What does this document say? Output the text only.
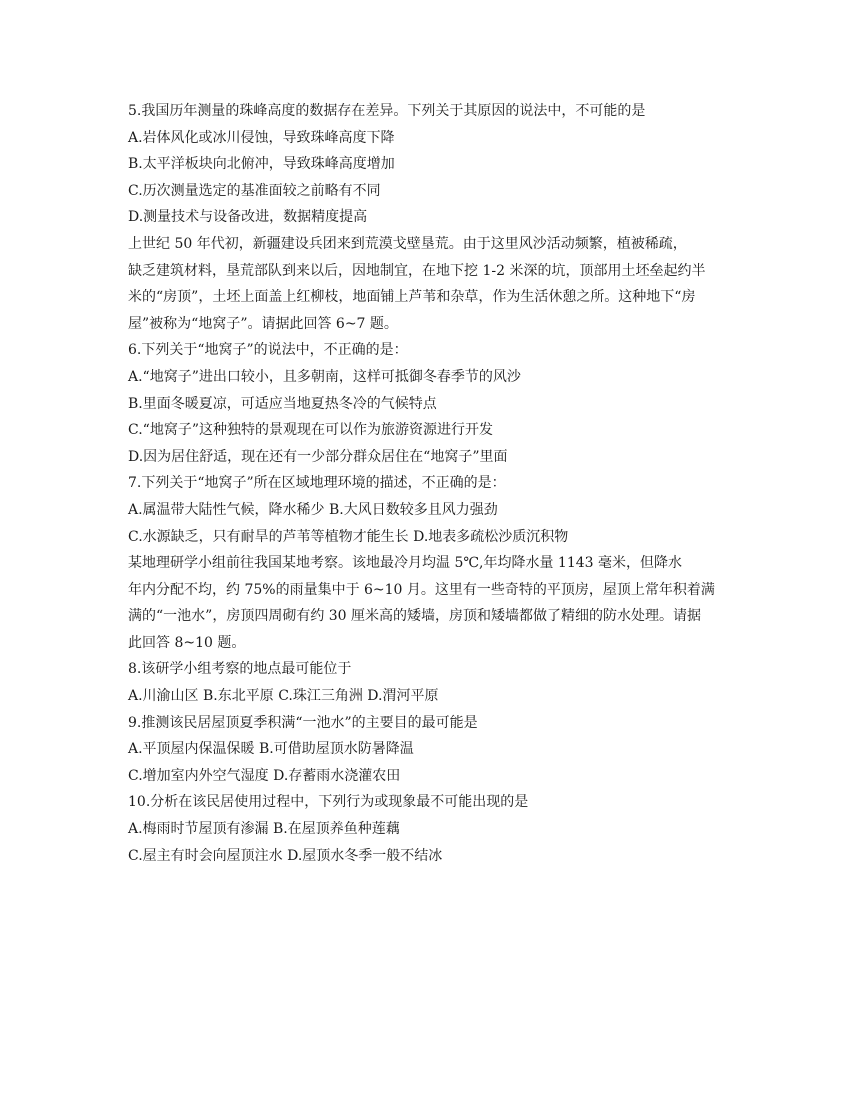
5.我国历年测量的珠峰高度的数据存在差异。下列关于其原因的说法中，不可能的是
A.岩体风化或冰川侵蚀，导致珠峰高度下降
B.太平洋板块向北俯冲，导致珠峰高度增加
C.历次测量选定的基准面较之前略有不同
D.测量技术与设备改进，数据精度提高
上世纪 50 年代初，新疆建设兵团来到荒漠戈壁垦荒。由于这里风沙活动频繁，植被稀疏，
缺乏建筑材料，垦荒部队到来以后，因地制宜，在地下挖 1-2 米深的坑，顶部用土坯垒起约半
米的“房顶”，土坯上面盖上红柳枝，地面铺上芦苇和杂草，作为生活休憩之所。这种地下“房
屋”被称为“地窝子”。请据此回答 6~7 题。
6.下列关于“地窝子”的说法中，不正确的是：
A.“地窝子”进出口较小，且多朝南，这样可抵御冬春季节的风沙
B.里面冬暖夏凉，可适应当地夏热冬冷的气候特点
C.“地窝子”这种独特的景观现在可以作为旅游资源进行开发
D.因为居住舒适，现在还有一少部分群众居住在“地窝子”里面
7.下列关于“地窝子”所在区域地理环境的描述，不正确的是：
A.属温带大陆性气候，降水稀少 B.大风日数较多且风力强劲
C.水源缺乏，只有耐旱的芦苇等植物才能生长 D.地表多疏松沙质沉积物
某地理研学小组前往我国某地考察。该地最冷月均温 5℃,年均降水量 1143 毫米，但降水
年内分配不均，约 75%的雨量集中于 6~10 月。这里有一些奇特的平顶房，屋顶上常年积着满
满的“一池水”，房顶四周砌有约 30 厘米高的矮墙，房顶和矮墙都做了精细的防水处理。请据
此回答 8~10 题。
8.该研学小组考察的地点最可能位于
A.川渝山区 B.东北平原 C.珠江三角洲 D.渭河平原
9.推测该民居屋顶夏季积满“一池水”的主要目的最可能是
A.平顶屋内保温保暖 B.可借助屋顶水防暑降温
C.增加室内外空气湿度 D.存蓄雨水浇灌农田
10.分析在该民居使用过程中，下列行为或现象最不可能出现的是
A.梅雨时节屋顶有渗漏 B.在屋顶养鱼种莲藕
C.屋主有时会向屋顶注水 D.屋顶水冬季一般不结冰
